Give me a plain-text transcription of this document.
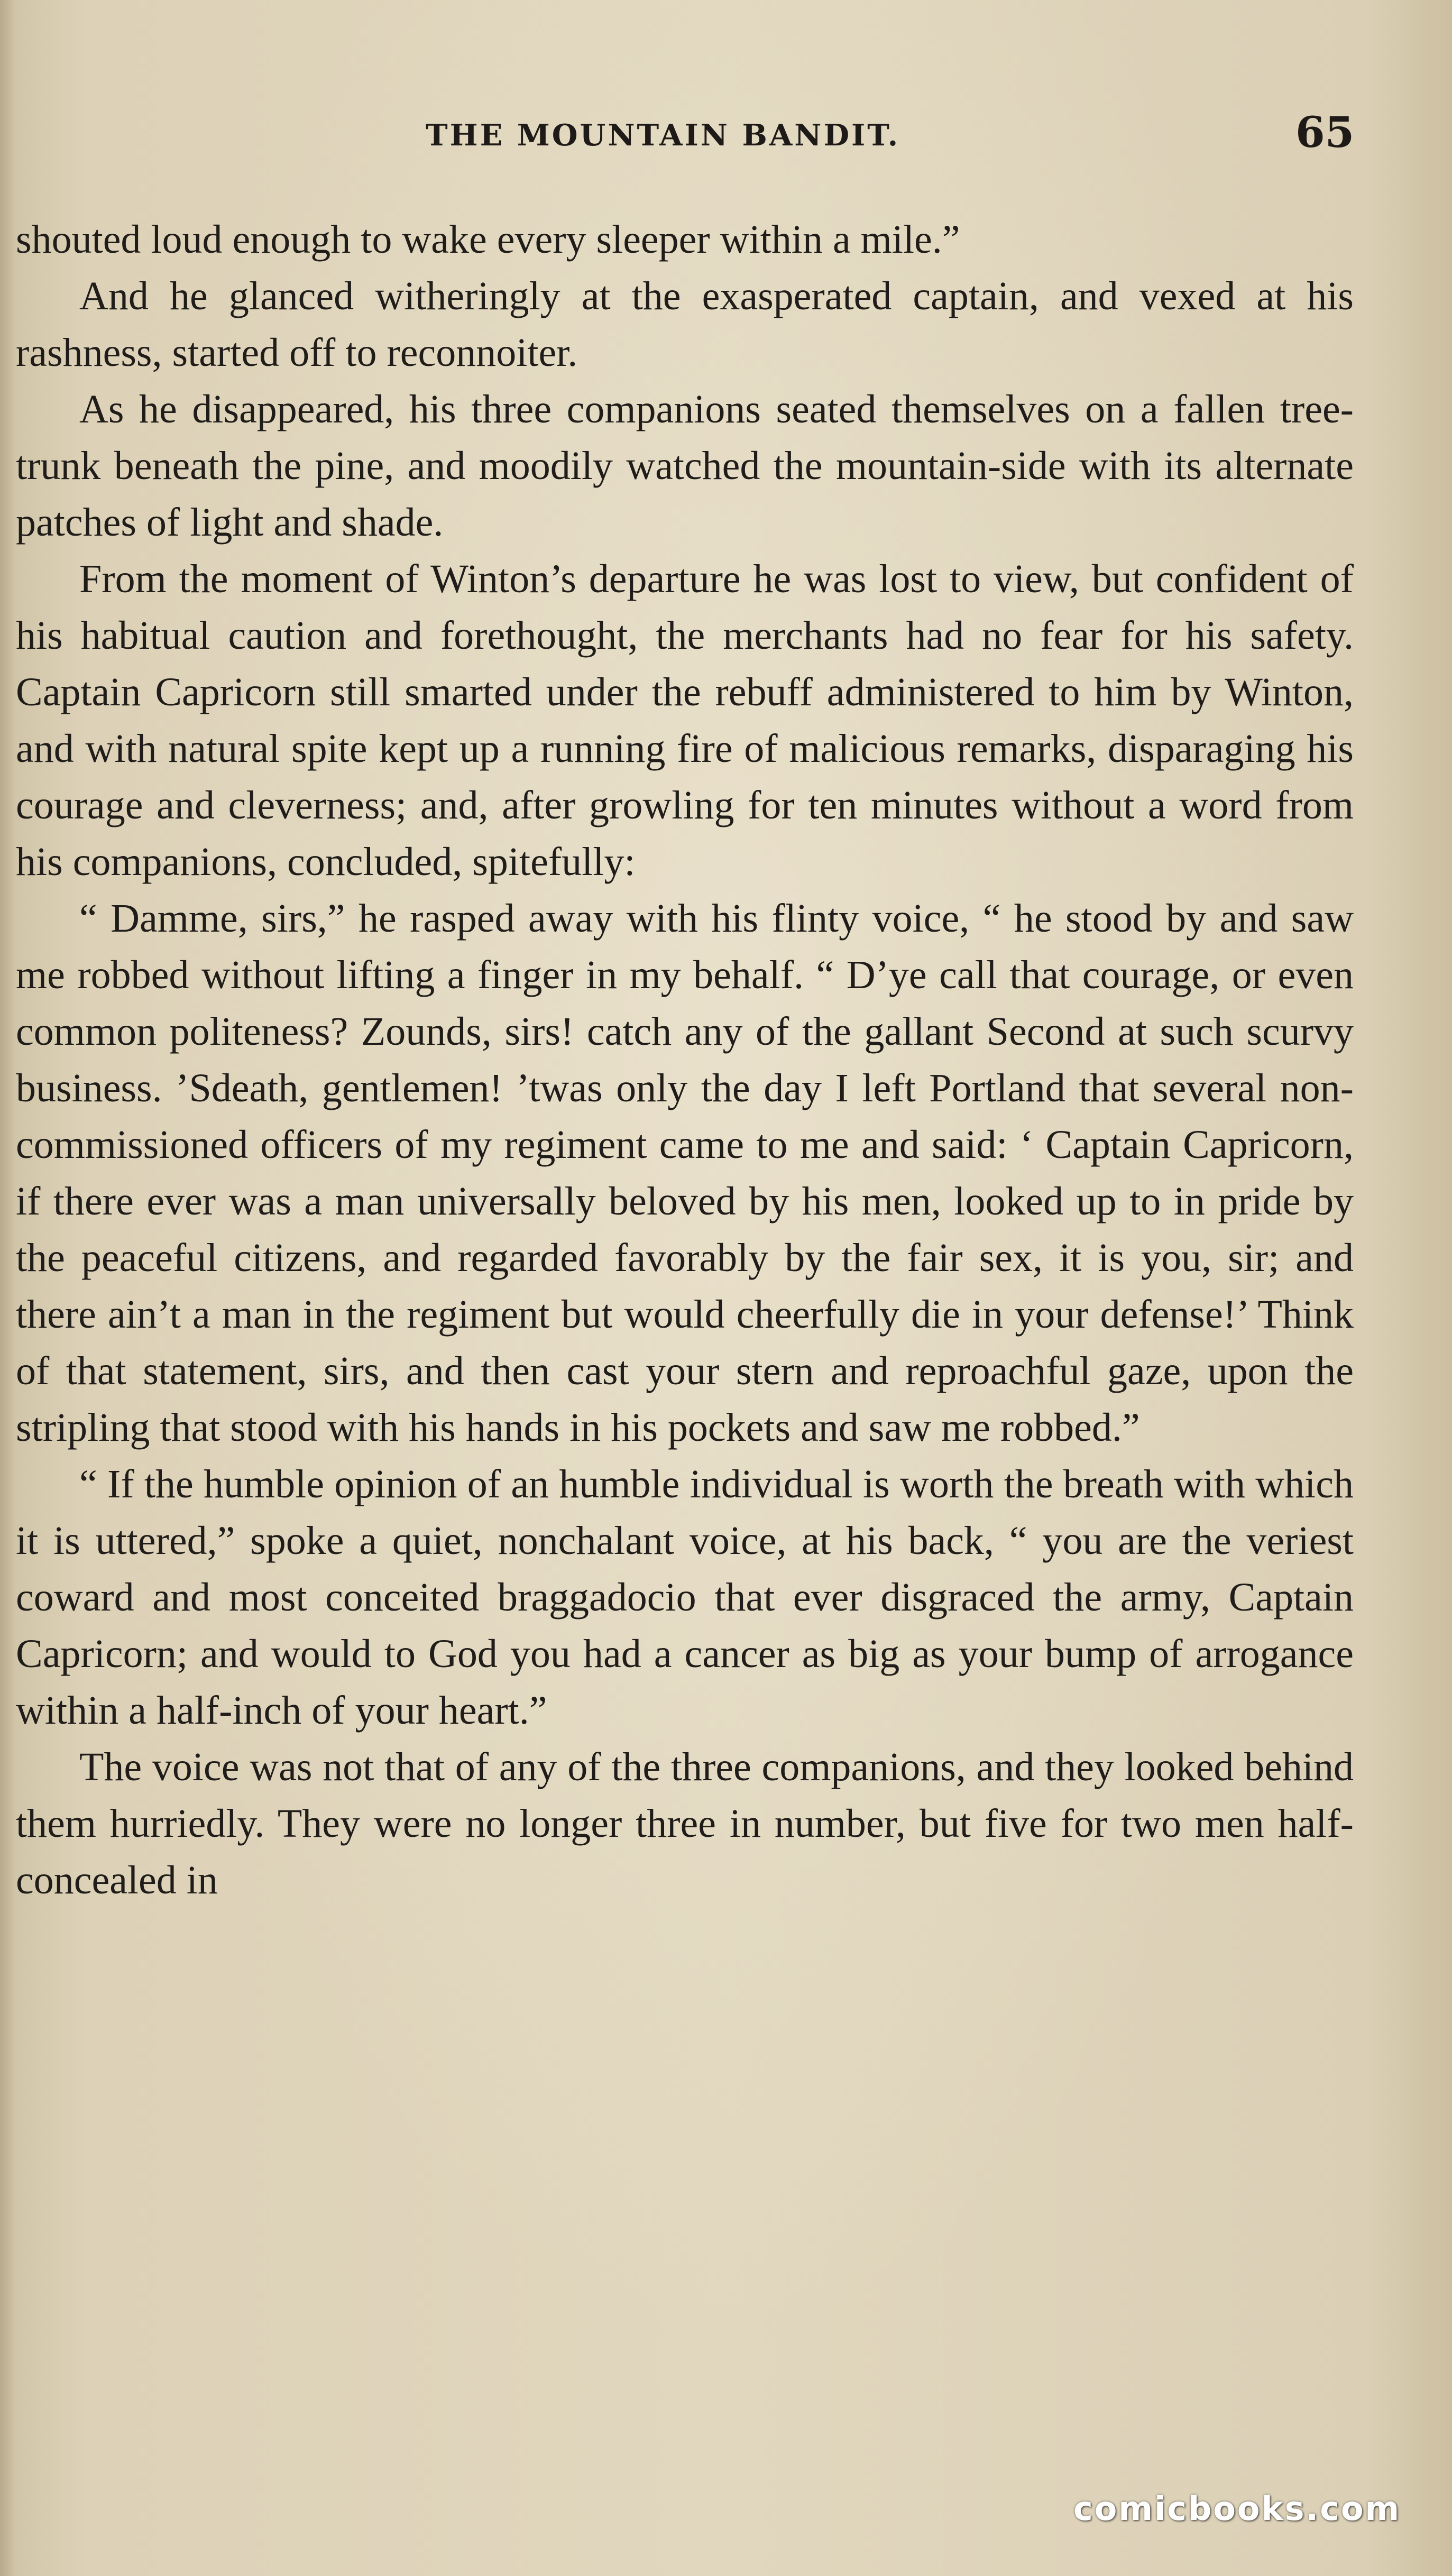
THE MOUNTAIN BANDIT.	65

shouted loud enough to wake every sleeper within a mile.”

And he glanced witheringly at the exasperated captain, and vexed at his rashness, started off to reconnoiter.

As he disappeared, his three companions seated themselves on a fallen tree-trunk beneath the pine, and moodily watched the mountain-side with its alternate patches of light and shade.

From the moment of Winton’s departure he was lost to view, but confident of his habitual caution and forethought, the merchants had no fear for his safety. Captain Capricorn still smarted under the rebuff administered to him by Winton, and with natural spite kept up a running fire of malicious remarks, disparaging his courage and cleverness; and, after growling for ten minutes without a word from his companions, concluded, spitefully:

“ Damme, sirs,” he rasped away with his flinty voice, “ he stood by and saw me robbed without lifting a finger in my behalf. “ D’ye call that courage, or even common politeness? Zounds, sirs! catch any of the gallant Second at such scurvy business. ’Sdeath, gentlemen! ’twas only the day I left Portland that several non-commissioned officers of my regiment came to me and said: ‘ Captain Capricorn, if there ever was a man universally beloved by his men, looked up to in pride by the peaceful citizens, and regarded favorably by the fair sex, it is you, sir; and there ain’t a man in the regiment but would cheerfully die in your defense!’ Think of that statement, sirs, and then cast your stern and reproachful gaze, upon the stripling that stood with his hands in his pockets and saw me robbed.”

“ If the humble opinion of an humble individual is worth the breath with which it is uttered,” spoke a quiet, nonchalant voice, at his back, “ you are the veriest coward and most conceited braggadocio that ever disgraced the army, Captain Capricorn; and would to God you had a cancer as big as your bump of arrogance within a half-inch of your heart.”

The voice was not that of any of the three companions, and they looked behind them hurriedly. They were no longer three in number, but five for two men half-concealed in

comicbooks.com
